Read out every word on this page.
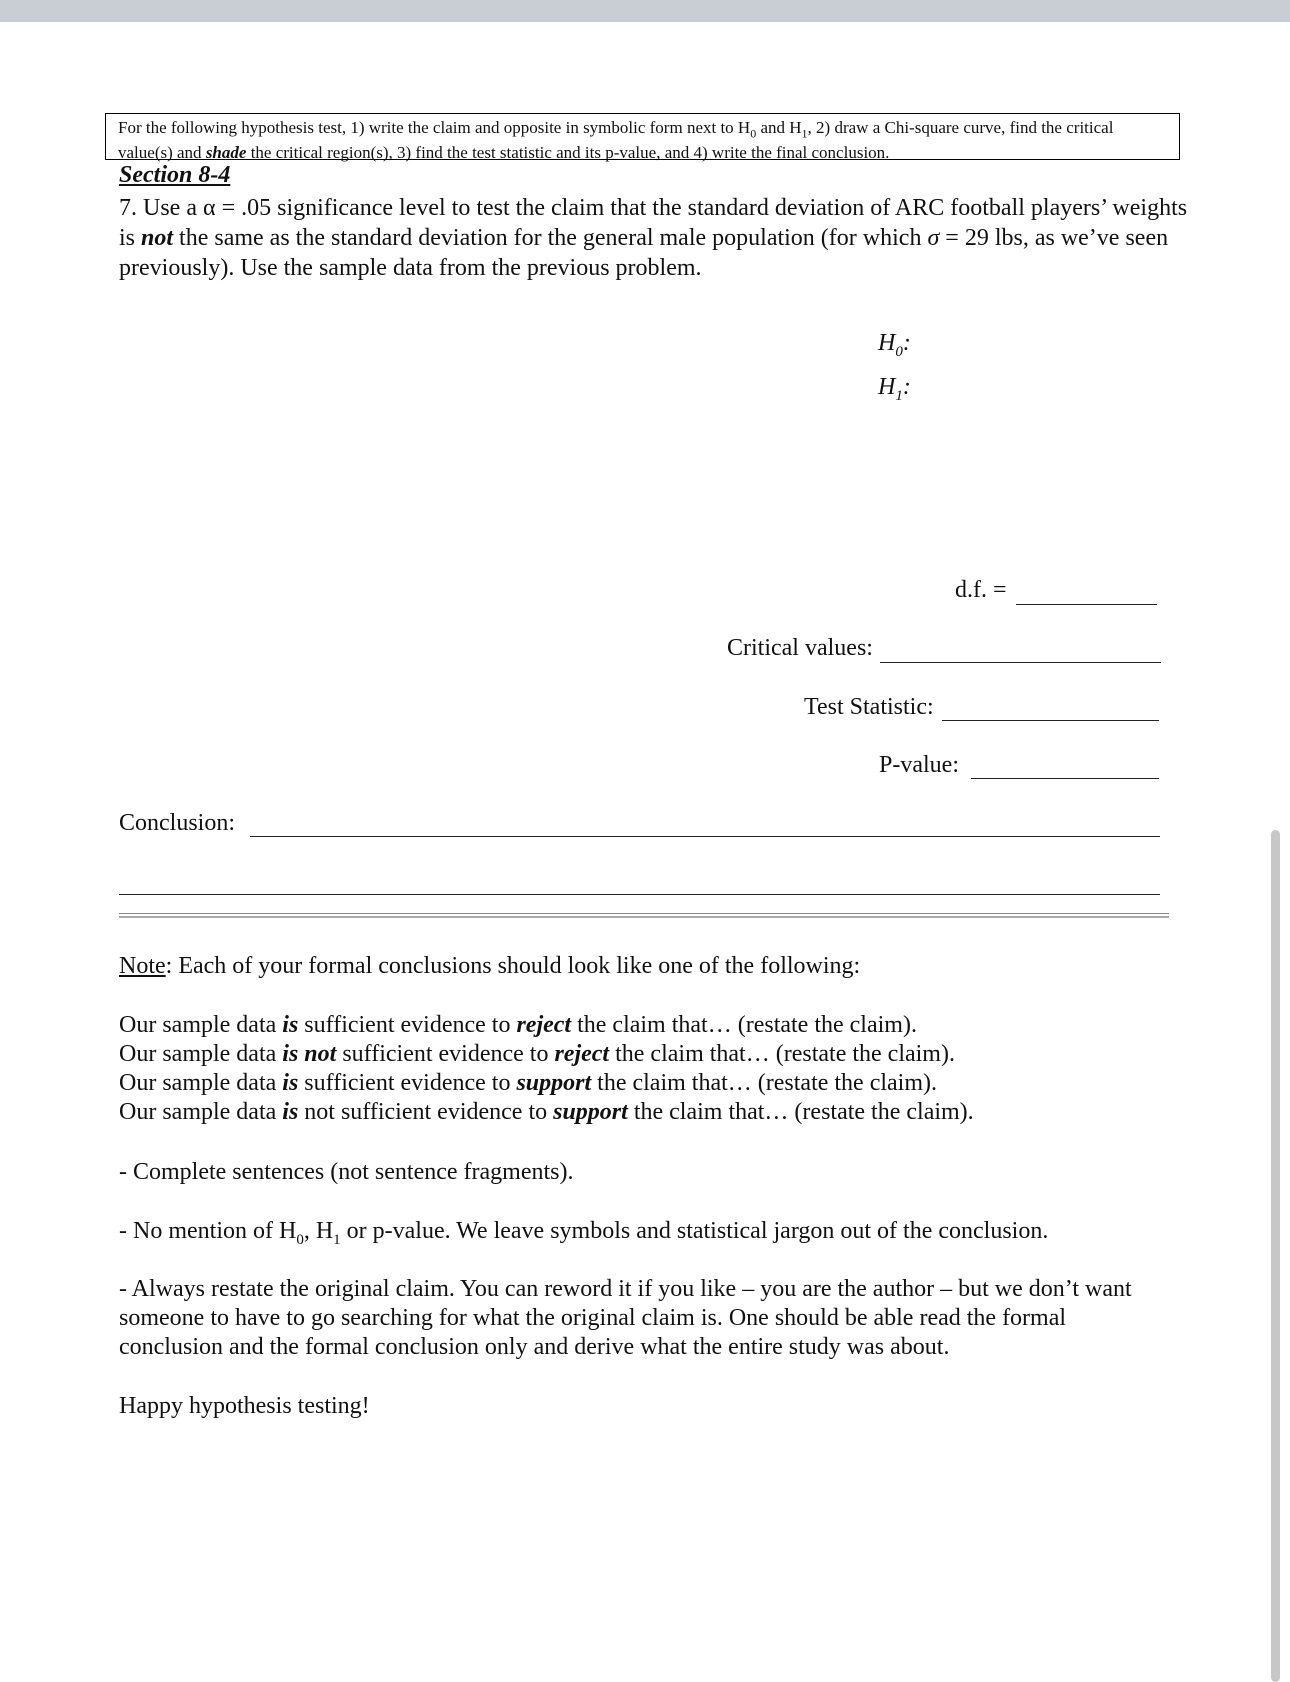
For the following hypothesis test, 1) write the claim and opposite in symbolic form next to $H_0$ and $H_1$, 2) draw a Chi-square curve, find the critical value(s) and shade the critical region(s), 3) find the test statistic and its p-value, and 4) write the final conclusion.
Section 8-4
7. Use a α = .05 significance level to test the claim that the standard deviation of ARC football players’ weights is not the same as the standard deviation for the general male population (for which σ = 29 lbs, as we’ve seen previously). Use the sample data from the previous problem.
$H_0$:
$H_1$:
d.f. =
Critical values:
Test Statistic:
P-value:
Conclusion:
Note: Each of your formal conclusions should look like one of the following:
Our sample data is sufficient evidence to reject the claim that… (restate the claim).
Our sample data is not sufficient evidence to reject the claim that… (restate the claim).
Our sample data is sufficient evidence to support the claim that… (restate the claim).
Our sample data is not sufficient evidence to support the claim that… (restate the claim).
- Complete sentences (not sentence fragments).
- No mention of $H_0$, $H_1$ or p-value. We leave symbols and statistical jargon out of the conclusion.
- Always restate the original claim. You can reword it if you like – you are the author – but we don’t want someone to have to go searching for what the original claim is. One should be able read the formal conclusion and the formal conclusion only and derive what the entire study was about.
Happy hypothesis testing!
